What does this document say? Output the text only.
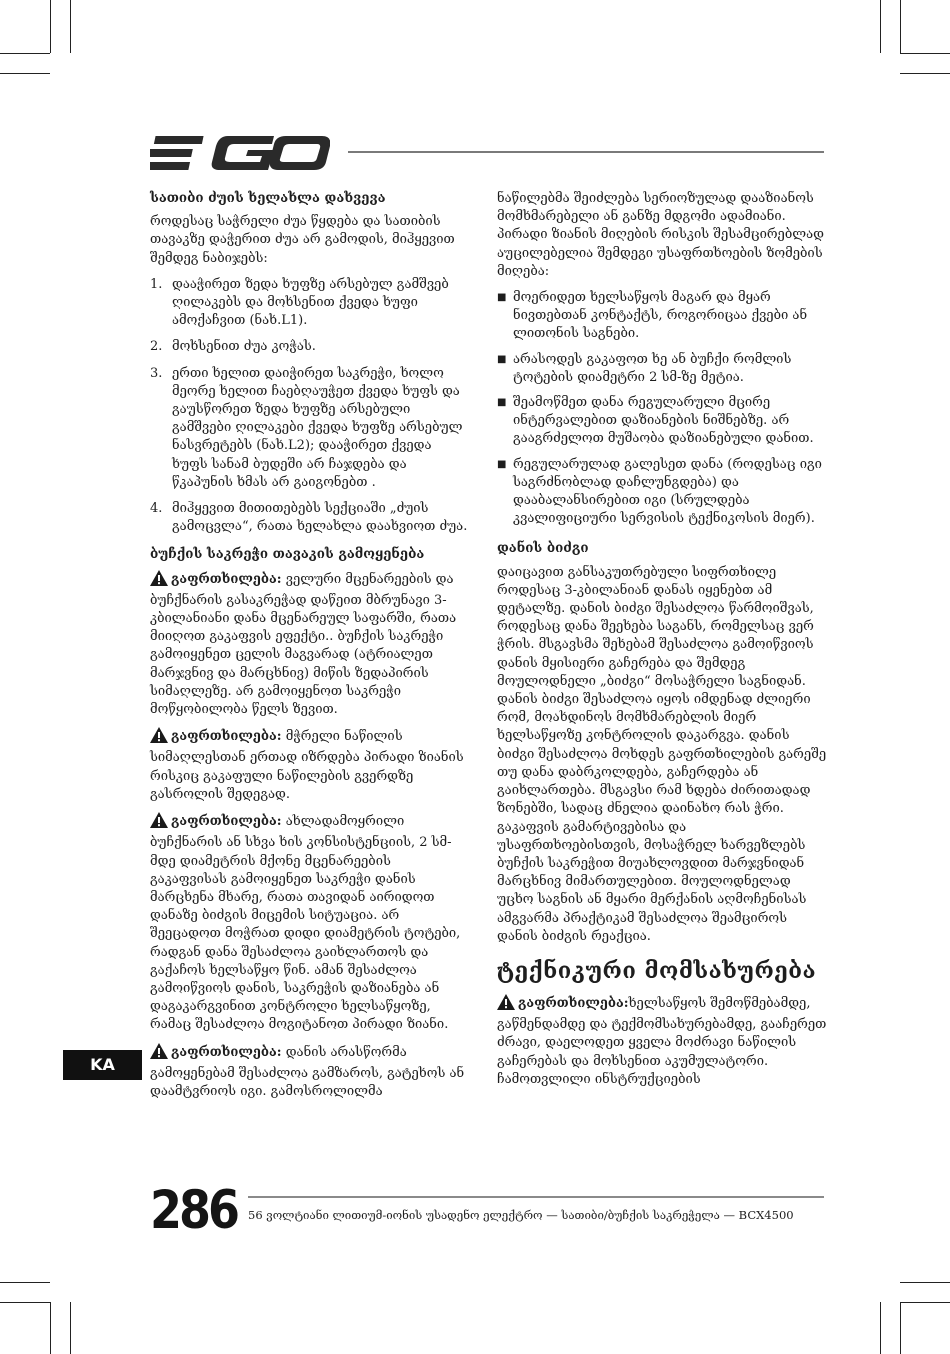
სათიბი ძუის ხელახლა დახვევა
როდესაც საჭრელი ძუა წყდება და სათიბის თავაკზე დაჭერით ძუა არ გამოდის, მიჰყევით შემდეგ ნაბიჯებს:
1. დააჭირეთ ზედა ხუფზე არსებულ გამშვებ ღილაკებს და მოხსენით ქვედა ხუფი ამოქაჩვით (ნახ.L1).
2. მოხსენით ძუა კოჭას.
3. ერთი ხელით დაიჭირეთ საკრეჭი, ხოლო მეორე ხელით ჩაებღაუჭეთ ქვედა ხუფს და გაუსწორეთ ზედა ხუფზე არსებული გამშვები ღილაკები ქვედა ხუფზე არსებულ ნასვრეტებს (ნახ.L2); დააჭირეთ ქვედა ხუფს სანამ ბუდეში არ ჩაჯდება და წკაპუნის ხმას არ გაიგონებთ .
4. მიჰყევით მითითებებს სექციაში „ძუის გამოცვლა“, რათა ხელახლა დაახვიოთ ძუა.
ბუჩქის საკრეჭი თავაკის გამოყენება
გაფრთხილება: ველური მცენარეების და ბუჩქნარის გასაკრეჭად დაწეით მბრუნავი 3-კბილანიანი დანა მცენარეულ საფარში, რათა მიიღოთ გაკაფვის ეფექტი.. ბუჩქის საკრეჭი გამოიყენეთ ცელის მაგვარად (ატრიალეთ მარჯვნივ და მარცხნივ) მიწის ზედაპირის სიმაღლეზე. არ გამოიყენოთ საკრეჭი მოწყობილობა წელს ზევით.
გაფრთხილება: მჭრელი ნაწილის სიმაღლესთან ერთად იზრდება პირადი ზიანის რისკიც გაკაფული ნაწილების გვერდზე გასროლის შედეგად.
გაფრთხილება: ახლადამოყრილი ბუჩქნარის ან სხვა ხის კონსისტენციის, 2 სმ-მდე დიამეტრის მქონე მცენარეების გაკაფვისას გამოიყენეთ საკრეჭი დანის მარცხენა მხარე, რათა თავიდან აირიდოთ დანაზე ბიძგის მიცემის სიტუაცია. არ შეეცადოთ მოჭრათ დიდი დიამეტრის ტოტები, რადგან დანა შესაძლოა გაიხლართოს და გაქაჩოს ხელსაწყო წინ. ამან შესაძლოა გამოიწვიოს დანის, საკრეჭის დაზიანება ან დაგაკარგვინით კონტროლი ხელსაწყოზე, რამაც შესაძლოა მოგიტანოთ პირადი ზიანი.
გაფრთხილება: დანის არასწორმა გამოყენებამ შესაძლოა გამზაროს, გატეხოს ან დაამტვრიოს იგი. გამოსროლილმა
ნაწილებმა შეიძლება სერიოზულად დააზიანოს მომხმარებელი ან განზე მდგომი ადამიანი. პირადი ზიანის მიღების რისკის შესამცირებლად აუცილებელია შემდეგი უსაფრთხოების ზომების მიღება:
■ მოერიდეთ ხელსაწყოს მაგარ და მყარ ნივთებთან კონტაქტს, როგორიცაა ქვები ან ლითონის საგნები.
■ არასოდეს გაკაფოთ ხე ან ბუჩქი რომლის ტოტების დიამეტრი 2 სმ-ზე მეტია.
■ შეამოწმეთ დანა რეგულარული მცირე ინტერვალებით დაზიანების ნიშნებზე. არ გააგრძელოთ მუშაობა დაზიანებული დანით.
■ რეგულარულად გალესეთ დანა (როდესაც იგი საგრძნობლად დაჩლუნგდება) და დააბალანსირებით იგი (სრულდება კვალიფიციური სერვისის ტექნიკოსის მიერ).
დანის ბიძგი
დაიცავით განსაკუთრებული სიფრთხილე როდესაც 3-კბილანიან დანას იყენებთ ამ დეტალზე. დანის ბიძგი შესაძლოა წარმოიშვას, როდესაც დანა შეეხება საგანს, რომელსაც ვერ ჭრის. მსგავსმა შეხებამ შესაძლოა გამოიწვიოს დანის მყისიერი გაჩერება და შემდეგ მოულოდნელი „ბიძგი“ მოსაჭრელი საგნიდან. დანის ბიძგი შესაძლოა იყოს იმდენად ძლიერი რომ, მოახდინოს მომხმარებლის მიერ ხელსაწყოზე კონტროლის დაკარგვა. დანის ბიძგი შესაძლოა მოხდეს გაფრთხილების გარეშე თუ დანა დაბრკოლდება, გაჩერდება ან გაიხლართება. მსგავსი რამ ხდება ძირითადად ზონებში, სადაც ძნელია დაინახო რას ჭრი. გაკაფვის გამარტივებისა და უსაფრთხოებისთვის, მოსაჭრელ ხარვეზლებს ბუჩქის საკრეჭით მიუახლოვდით მარჯვნიდან მარცხნივ მიმართულებით. მოულოდნელად უცხო საგნის ან მყარი მერქანის აღმოჩენისას ამგვარმა პრაქტიკამ შესაძლოა შეამციროს დანის ბიძგის რეაქცია.
ტექნიკური მომსახურება
გაფრთხილება:ხელსაწყოს შემოწმებამდე, გაწმენდამდე და ტექმომსახურებამდე, გააჩერეთ ძრავი, დაელოდეთ ყველა მოძრავი ნაწილის გაჩერებას და მოხსენით აკუმულატორი. ჩამოთვლილი ინსტრუქციების
KA
286 56 ვოლტიანი ლითიუმ-იონის უსადენო ელექტრო — სათიბი/ბუჩქის საკრეჭელა — BCX4500
